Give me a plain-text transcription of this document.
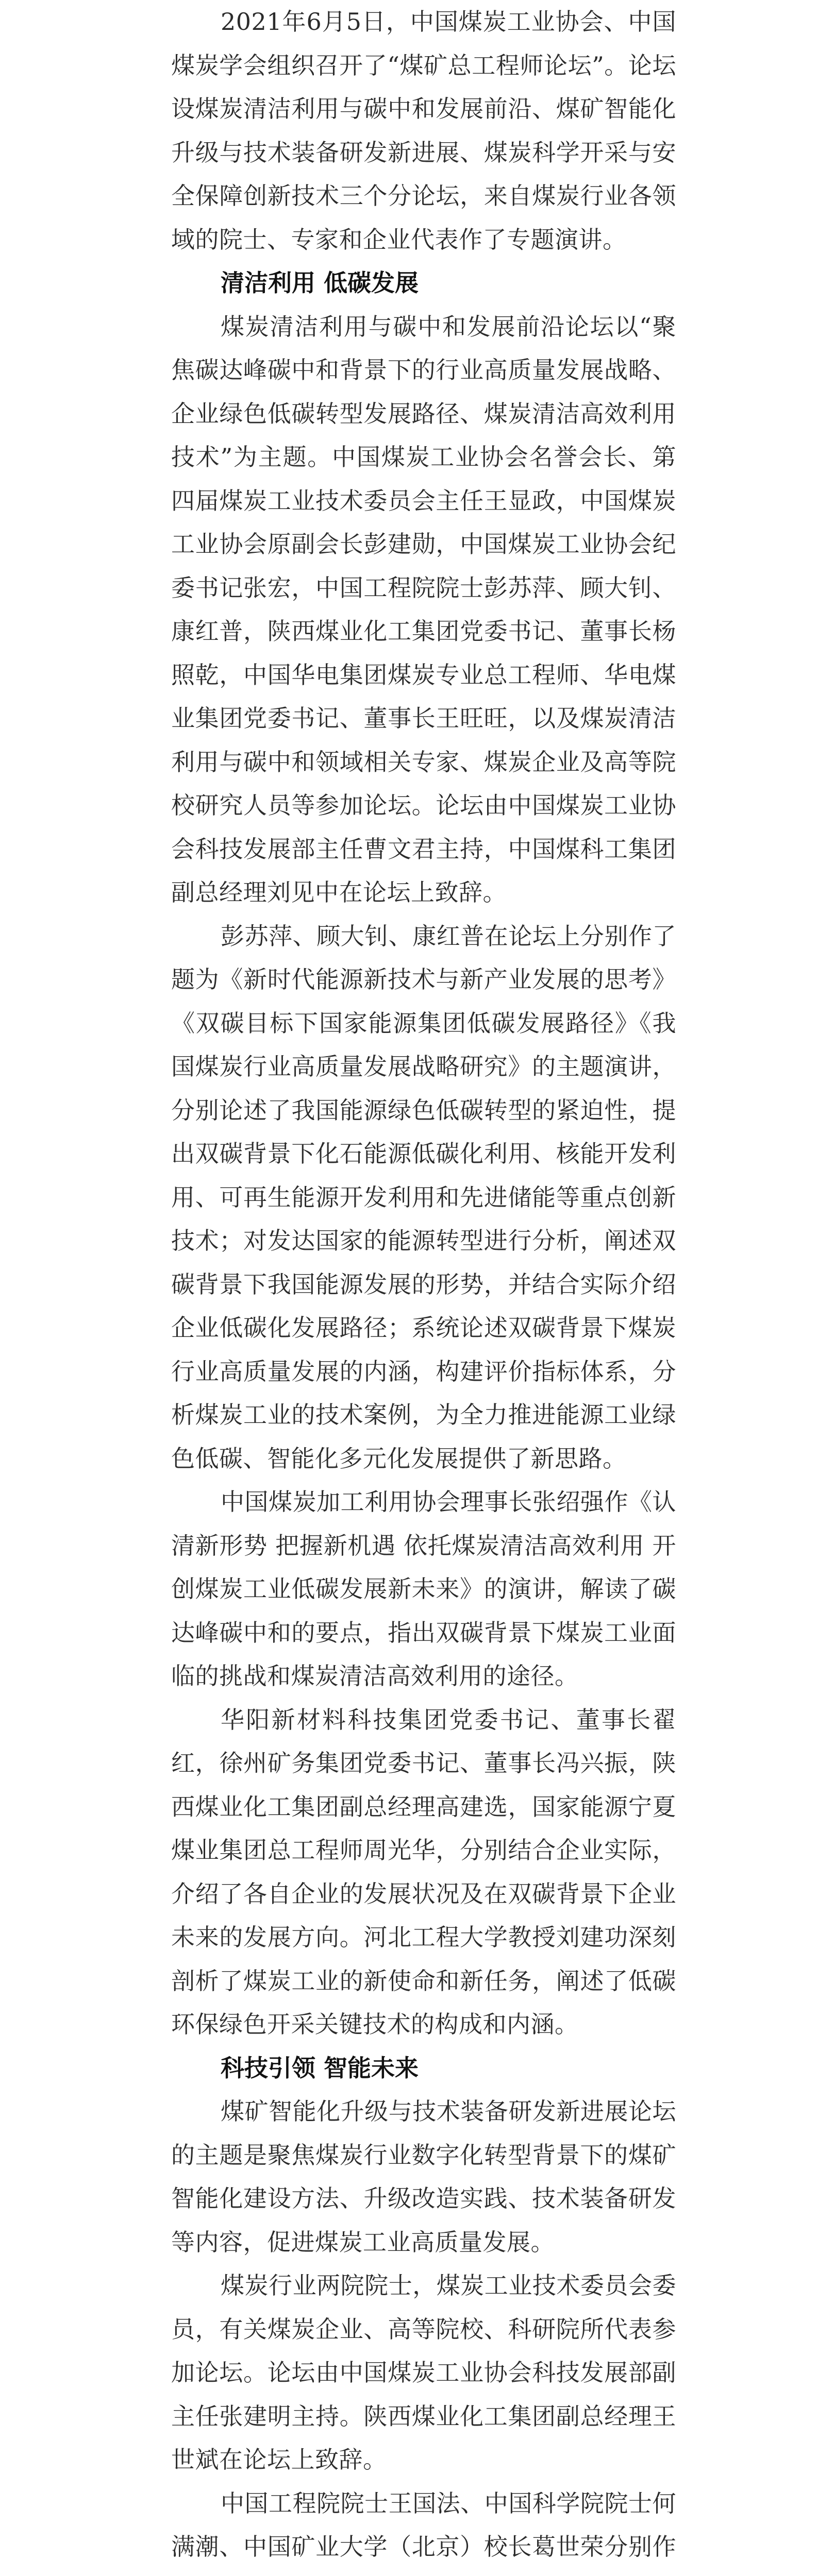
2021年6月5日，中国煤炭工业协会、中国煤炭学会组织召开了“煤矿总工程师论坛”。论坛设煤炭清洁利用与碳中和发展前沿、煤矿智能化升级与技术装备研发新进展、煤炭科学开采与安全保障创新技术三个分论坛，来自煤炭行业各领域的院士、专家和企业代表作了专题演讲。

清洁利用 低碳发展

煤炭清洁利用与碳中和发展前沿论坛以“聚焦碳达峰碳中和背景下的行业高质量发展战略、企业绿色低碳转型发展路径、煤炭清洁高效利用技术”为主题。中国煤炭工业协会名誉会长、第四届煤炭工业技术委员会主任王显政，中国煤炭工业协会原副会长彭建勋，中国煤炭工业协会纪委书记张宏，中国工程院院士彭苏萍、顾大钊、康红普，陕西煤业化工集团党委书记、董事长杨照乾，中国华电集团煤炭专业总工程师、华电煤业集团党委书记、董事长王旺旺，以及煤炭清洁利用与碳中和领域相关专家、煤炭企业及高等院校研究人员等参加论坛。论坛由中国煤炭工业协会科技发展部主任曹文君主持，中国煤科工集团副总经理刘见中在论坛上致辞。

彭苏萍、顾大钊、康红普在论坛上分别作了题为《新时代能源新技术与新产业发展的思考》《双碳目标下国家能源集团低碳发展路径》《我国煤炭行业高质量发展战略研究》的主题演讲，分别论述了我国能源绿色低碳转型的紧迫性，提出双碳背景下化石能源低碳化利用、核能开发利用、可再生能源开发利用和先进储能等重点创新技术；对发达国家的能源转型进行分析，阐述双碳背景下我国能源发展的形势，并结合实际介绍企业低碳化发展路径；系统论述双碳背景下煤炭行业高质量发展的内涵，构建评价指标体系，分析煤炭工业的技术案例，为全力推进能源工业绿色低碳、智能化多元化发展提供了新思路。

中国煤炭加工利用协会理事长张绍强作《认清新形势 把握新机遇 依托煤炭清洁高效利用 开创煤炭工业低碳发展新未来》的演讲，解读了碳达峰碳中和的要点，指出双碳背景下煤炭工业面临的挑战和煤炭清洁高效利用的途径。

华阳新材料科技集团党委书记、董事长翟红，徐州矿务集团党委书记、董事长冯兴振，陕西煤业化工集团副总经理高建选，国家能源宁夏煤业集团总工程师周光华，分别结合企业实际，介绍了各自企业的发展状况及在双碳背景下企业未来的发展方向。河北工程大学教授刘建功深刻剖析了煤炭工业的新使命和新任务，阐述了低碳环保绿色开采关键技术的构成和内涵。

科技引领 智能未来

煤矿智能化升级与技术装备研发新进展论坛的主题是聚焦煤炭行业数字化转型背景下的煤矿智能化建设方法、升级改造实践、技术装备研发等内容，促进煤炭工业高质量发展。

煤炭行业两院院士，煤炭工业技术委员会委员，有关煤炭企业、高等院校、科研院所代表参加论坛。论坛由中国煤炭工业协会科技发展部副主任张建明主持。陕西煤业化工集团副总经理王世斌在论坛上致辞。

中国工程院院士王国法、中国科学院院士何满潮、中国矿业大学（北京）校长葛世荣分别作
